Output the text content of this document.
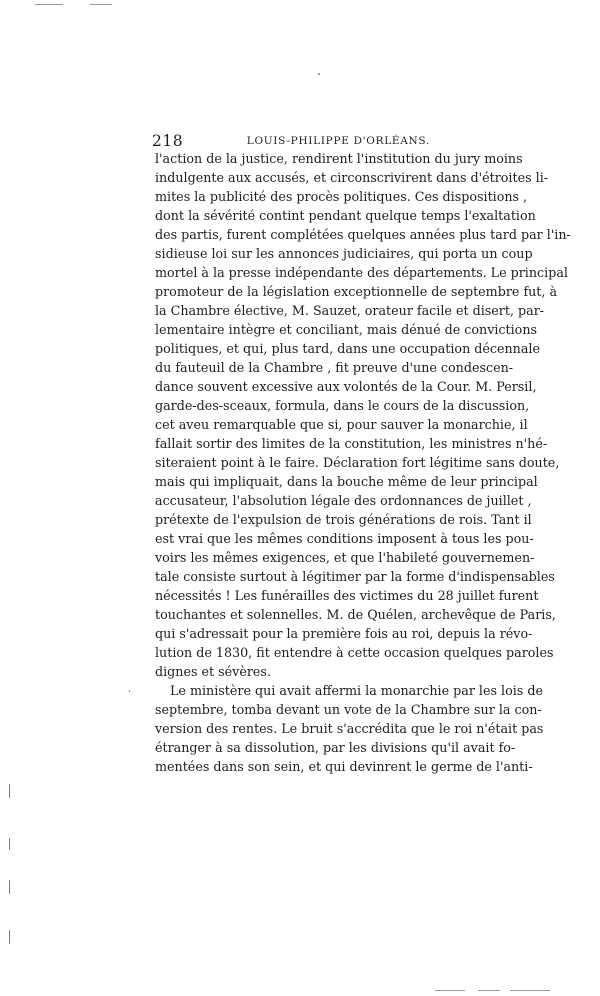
218	LOUIS-PHILIPPE D'ORLÉANS.
l'action de la justice, rendirent l'institution du jury moins
indulgente aux accusés, et circonscrivirent dans d'étroites li-
mites la publicité des procès politiques. Ces dispositions ,
dont la sévérité contint pendant quelque temps l'exaltation
des partis, furent complétées quelques années plus tard par l'in-
sidieuse loi sur les annonces judiciaires, qui porta un coup
mortel à la presse indépendante des départements. Le principal
promoteur de la législation exceptionnelle de septembre fut, à
la Chambre élective, M. Sauzet, orateur facile et disert, par-
lementaire intègre et conciliant, mais dénué de convictions
politiques, et qui, plus tard, dans une occupation décennale
du fauteuil de la Chambre , fit preuve d'une condescen-
dance souvent excessive aux volontés de la Cour. M. Persil,
garde-des-sceaux, formula, dans le cours de la discussion,
cet aveu remarquable que si, pour sauver la monarchie, il
fallait sortir des limites de la constitution, les ministres n'hé-
siteraient point à le faire. Déclaration fort légitime sans doute,
mais qui impliquait, dans la bouche même de leur principal
accusateur, l'absolution légale des ordonnances de juillet ,
prétexte de l'expulsion de trois générations de rois. Tant il
est vrai que les mêmes conditions imposent à tous les pou-
voirs les mêmes exigences, et que l'habileté gouvernemen-
tale consiste surtout à légitimer par la forme d'indispensables
nécessités ! Les funérailles des victimes du 28 juillet furent
touchantes et solennelles. M. de Quélen, archevêque de Paris,
qui s'adressait pour la première fois au roi, depuis la révo-
lution de 1830, fit entendre à cette occasion quelques paroles
dignes et sévères.
Le ministère qui avait affermi la monarchie par les lois de
septembre, tomba devant un vote de la Chambre sur la con-
version des rentes. Le bruit s'accrédita que le roi n'était pas
étranger à sa dissolution, par les divisions qu'il avait fo-
mentées dans son sein, et qui devinrent le germe de l'anti-
